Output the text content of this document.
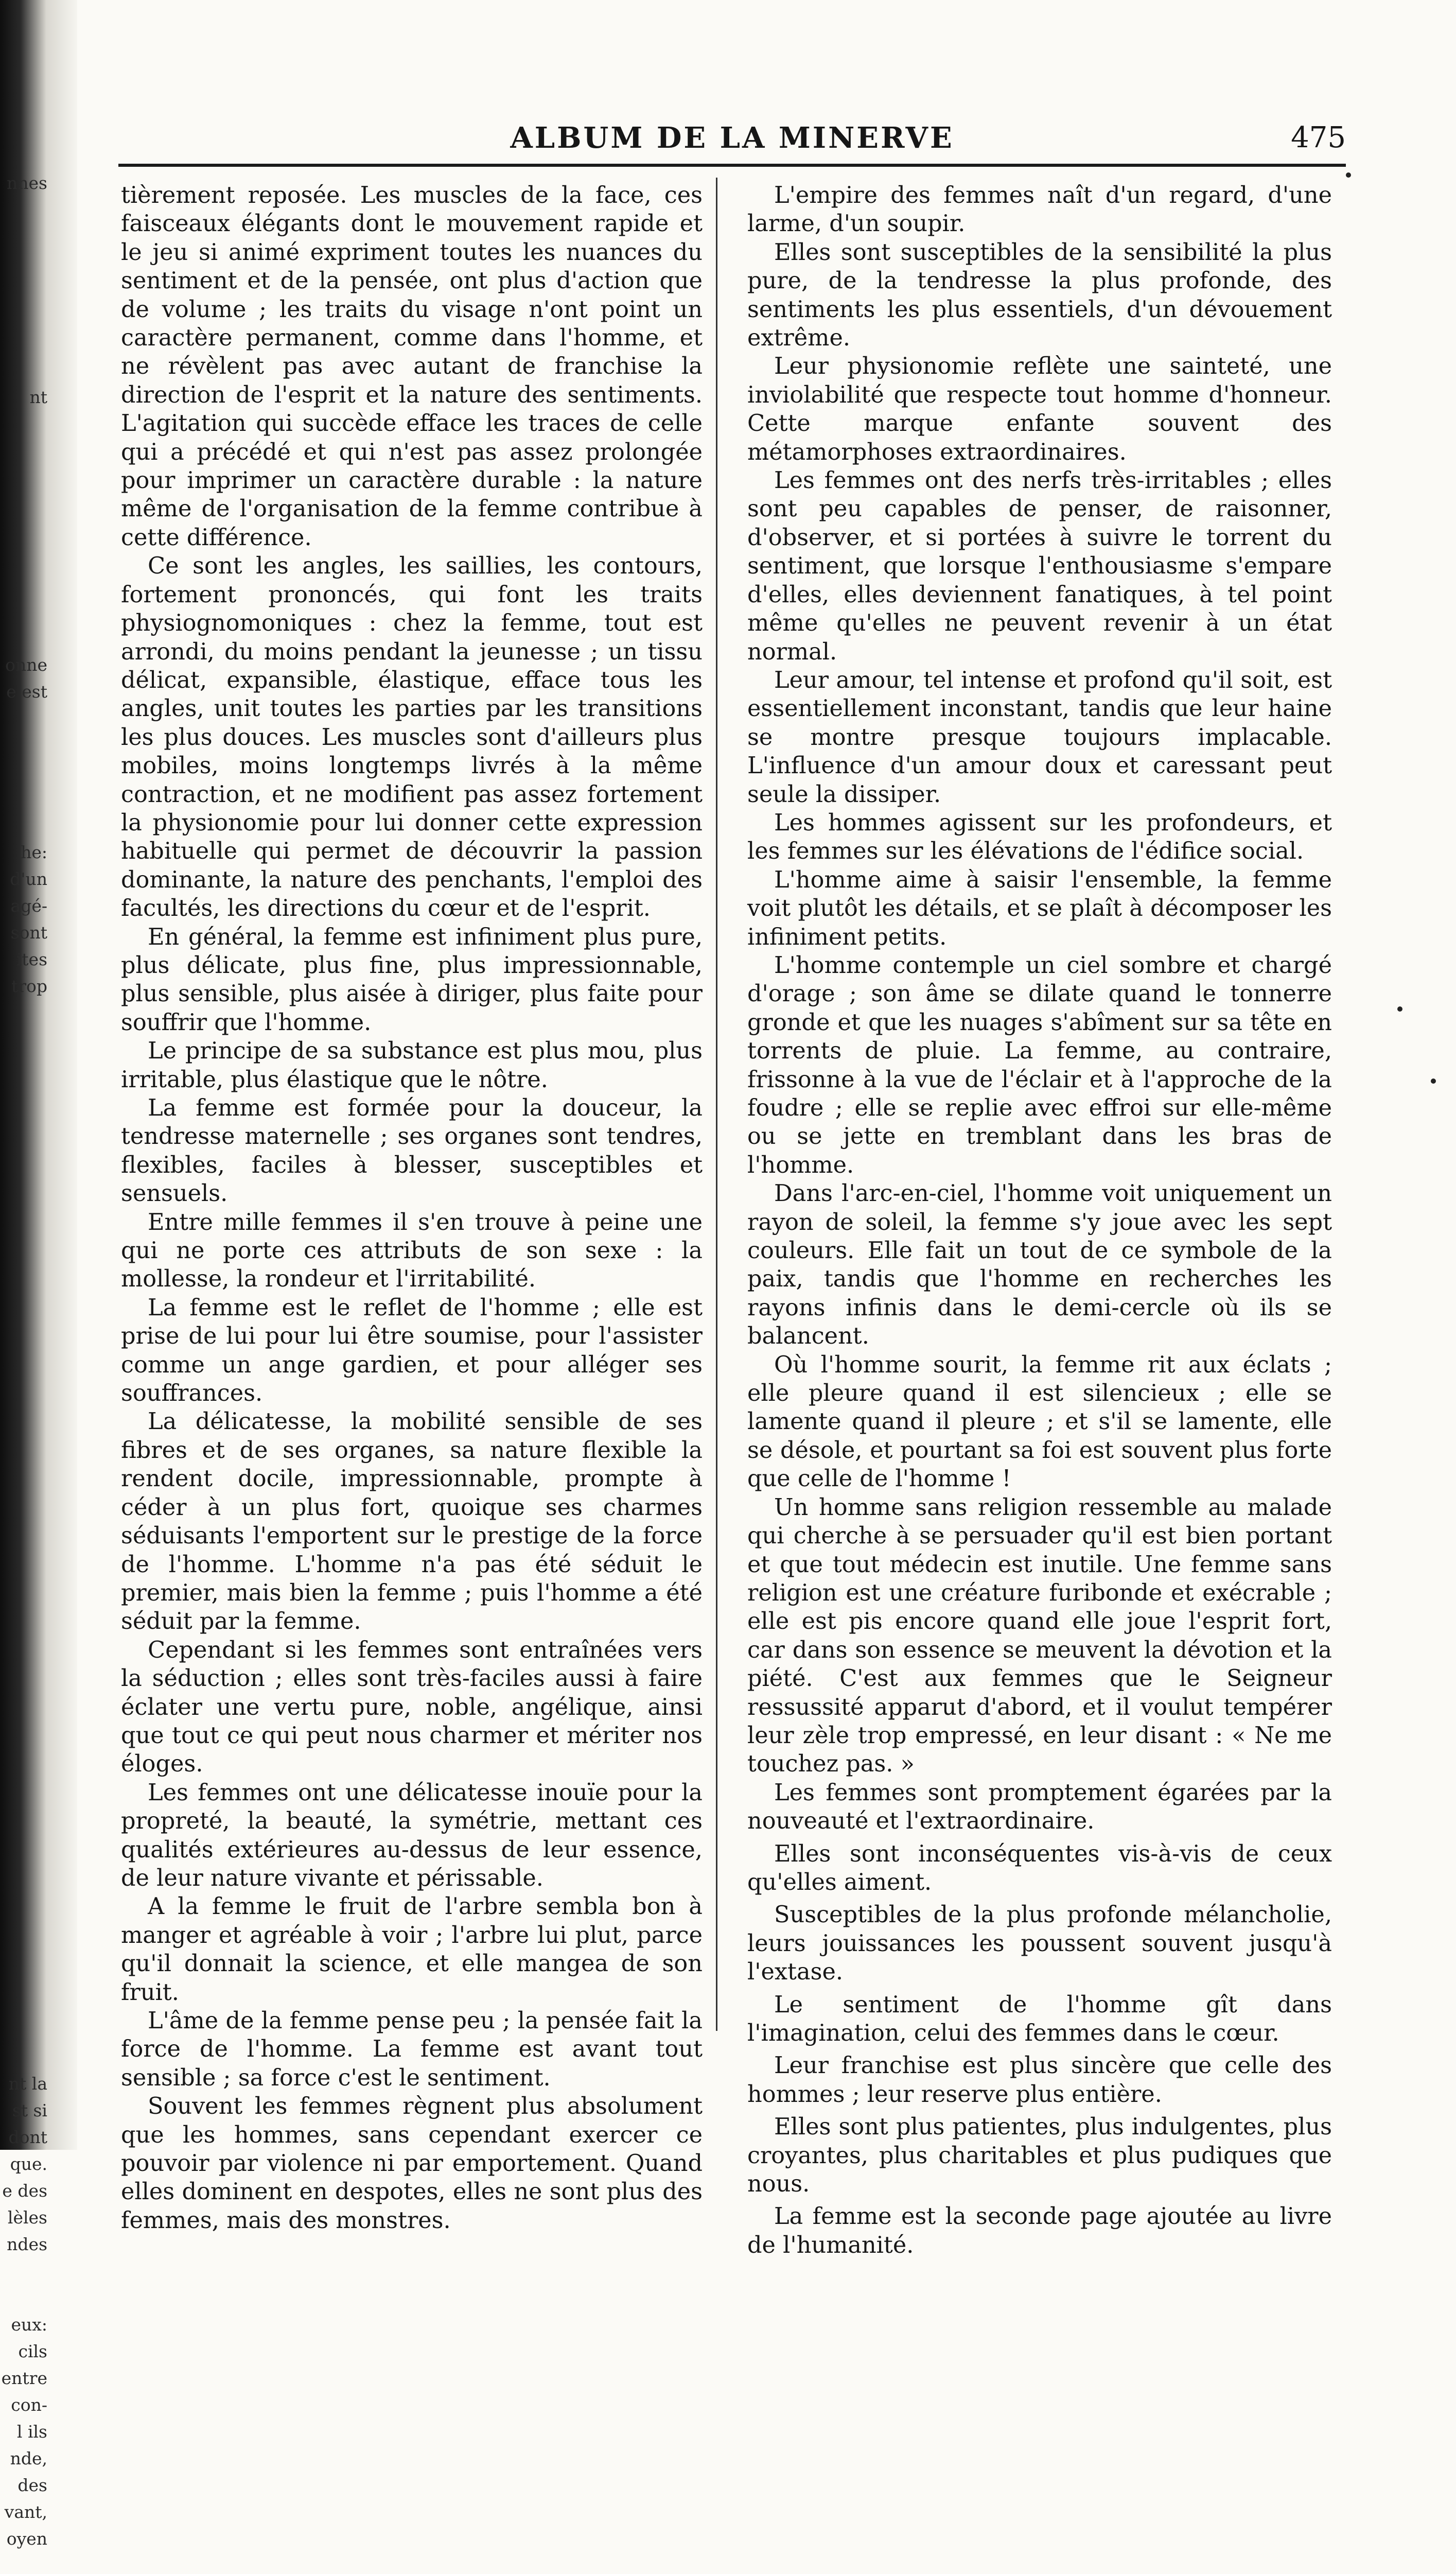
nnes
nt
onne
e est
he:
d'un
agé-
sont
ites
trop
nt la
st si
dont
que.
e des
lèles
ndes
eux:
cils
entre
con-
l ils
nde,
des
vant,
oyen
ALBUM DE LA MINERVE	475

tièrement reposée. Les muscles de la face, ces faisceaux élégants dont le mouvement rapide et le jeu si animé expriment toutes les nuances du sentiment et de la pensée, ont plus d'action que de volume ; les traits du visage n'ont point un caractère permanent, comme dans l'homme, et ne révèlent pas avec autant de franchise la direction de l'esprit et la nature des sentiments. L'agitation qui succède efface les traces de celle qui a précédé et qui n'est pas assez prolongée pour imprimer un caractère durable : la nature même de l'organisation de la femme contribue à cette différence.

Ce sont les angles, les saillies, les contours, fortement prononcés, qui font les traits physiognomoniques : chez la femme, tout est arrondi, du moins pendant la jeunesse ; un tissu délicat, expansible, élastique, efface tous les angles, unit toutes les parties par les transitions les plus douces. Les muscles sont d'ailleurs plus mobiles, moins longtemps livrés à la même contraction, et ne modifient pas assez fortement la physionomie pour lui donner cette expression habituelle qui permet de découvrir la passion dominante, la nature des penchants, l'emploi des facultés, les directions du cœur et de l'esprit.

En général, la femme est infiniment plus pure, plus délicate, plus fine, plus impressionnable, plus sensible, plus aisée à diriger, plus faite pour souffrir que l'homme.

Le principe de sa substance est plus mou, plus irritable, plus élastique que le nôtre.

La femme est formée pour la douceur, la tendresse maternelle ; ses organes sont tendres, flexibles, faciles à blesser, susceptibles et sensuels.

Entre mille femmes il s'en trouve à peine une qui ne porte ces attributs de son sexe : la mollesse, la rondeur et l'irritabilité.

La femme est le reflet de l'homme ; elle est prise de lui pour lui être soumise, pour l'assister comme un ange gardien, et pour alléger ses souffrances.

La délicatesse, la mobilité sensible de ses fibres et de ses organes, sa nature flexible la rendent docile, impressionnable, prompte à céder à un plus fort, quoique ses charmes séduisants l'emportent sur le prestige de la force de l'homme. L'homme n'a pas été séduit le premier, mais bien la femme ; puis l'homme a été séduit par la femme.

Cependant si les femmes sont entraînées vers la séduction ; elles sont très-faciles aussi à faire éclater une vertu pure, noble, angélique, ainsi que tout ce qui peut nous charmer et mériter nos éloges.

Les femmes ont une délicatesse inouïe pour la propreté, la beauté, la symétrie, mettant ces qualités extérieures au-dessus de leur essence, de leur nature vivante et périssable.

A la femme le fruit de l'arbre sembla bon à manger et agréable à voir ; l'arbre lui plut, parce qu'il donnait la science, et elle mangea de son fruit.

L'âme de la femme pense peu ; la pensée fait la force de l'homme. La femme est avant tout sensible ; sa force c'est le sentiment.

Souvent les femmes règnent plus absolument que les hommes, sans cependant exercer ce pouvoir par violence ni par emportement. Quand elles dominent en despotes, elles ne sont plus des femmes, mais des monstres.

L'empire des femmes naît d'un regard, d'une larme, d'un soupir.

Elles sont susceptibles de la sensibilité la plus pure, de la tendresse la plus profonde, des sentiments les plus essentiels, d'un dévouement extrême.

Leur physionomie reflète une sainteté, une inviolabilité que respecte tout homme d'honneur. Cette marque enfante souvent des métamorphoses extraordinaires.

Les femmes ont des nerfs très-irritables ; elles sont peu capables de penser, de raisonner, d'observer, et si portées à suivre le torrent du sentiment, que lorsque l'enthousiasme s'empare d'elles, elles deviennent fanatiques, à tel point même qu'elles ne peuvent revenir à un état normal.

Leur amour, tel intense et profond qu'il soit, est essentiellement inconstant, tandis que leur haine se montre presque toujours implacable. L'influence d'un amour doux et caressant peut seule la dissiper.

Les hommes agissent sur les profondeurs, et les femmes sur les élévations de l'édifice social.

L'homme aime à saisir l'ensemble, la femme voit plutôt les détails, et se plaît à décomposer les infiniment petits.

L'homme contemple un ciel sombre et chargé d'orage ; son âme se dilate quand le tonnerre gronde et que les nuages s'abîment sur sa tête en torrents de pluie. La femme, au contraire, frissonne à la vue de l'éclair et à l'approche de la foudre ; elle se replie avec effroi sur elle-même ou se jette en tremblant dans les bras de l'homme.

Dans l'arc-en-ciel, l'homme voit uniquement un rayon de soleil, la femme s'y joue avec les sept couleurs. Elle fait un tout de ce symbole de la paix, tandis que l'homme en recherches les rayons infinis dans le demi-cercle où ils se balancent.

Où l'homme sourit, la femme rit aux éclats ; elle pleure quand il est silencieux ; elle se lamente quand il pleure ; et s'il se lamente, elle se désole, et pourtant sa foi est souvent plus forte que celle de l'homme !

Un homme sans religion ressemble au malade qui cherche à se persuader qu'il est bien portant et que tout médecin est inutile. Une femme sans religion est une créature furibonde et exécrable ; elle est pis encore quand elle joue l'esprit fort, car dans son essence se meuvent la dévotion et la piété. C'est aux femmes que le Seigneur ressussité apparut d'abord, et il voulut tempérer leur zèle trop empressé, en leur disant : « Ne me touchez pas. »

Les femmes sont promptement égarées par la nouveauté et l'extraordinaire.

Elles sont inconséquentes vis-à-vis de ceux qu'elles aiment.

Susceptibles de la plus profonde mélancholie, leurs jouissances les poussent souvent jusqu'à l'extase.

Le sentiment de l'homme gît dans l'imagination, celui des femmes dans le cœur.

Leur franchise est plus sincère que celle des hommes ; leur reserve plus entière.

Elles sont plus patientes, plus indulgentes, plus croyantes, plus charitables et plus pudiques que nous.

La femme est la seconde page ajoutée au livre de l'humanité.
